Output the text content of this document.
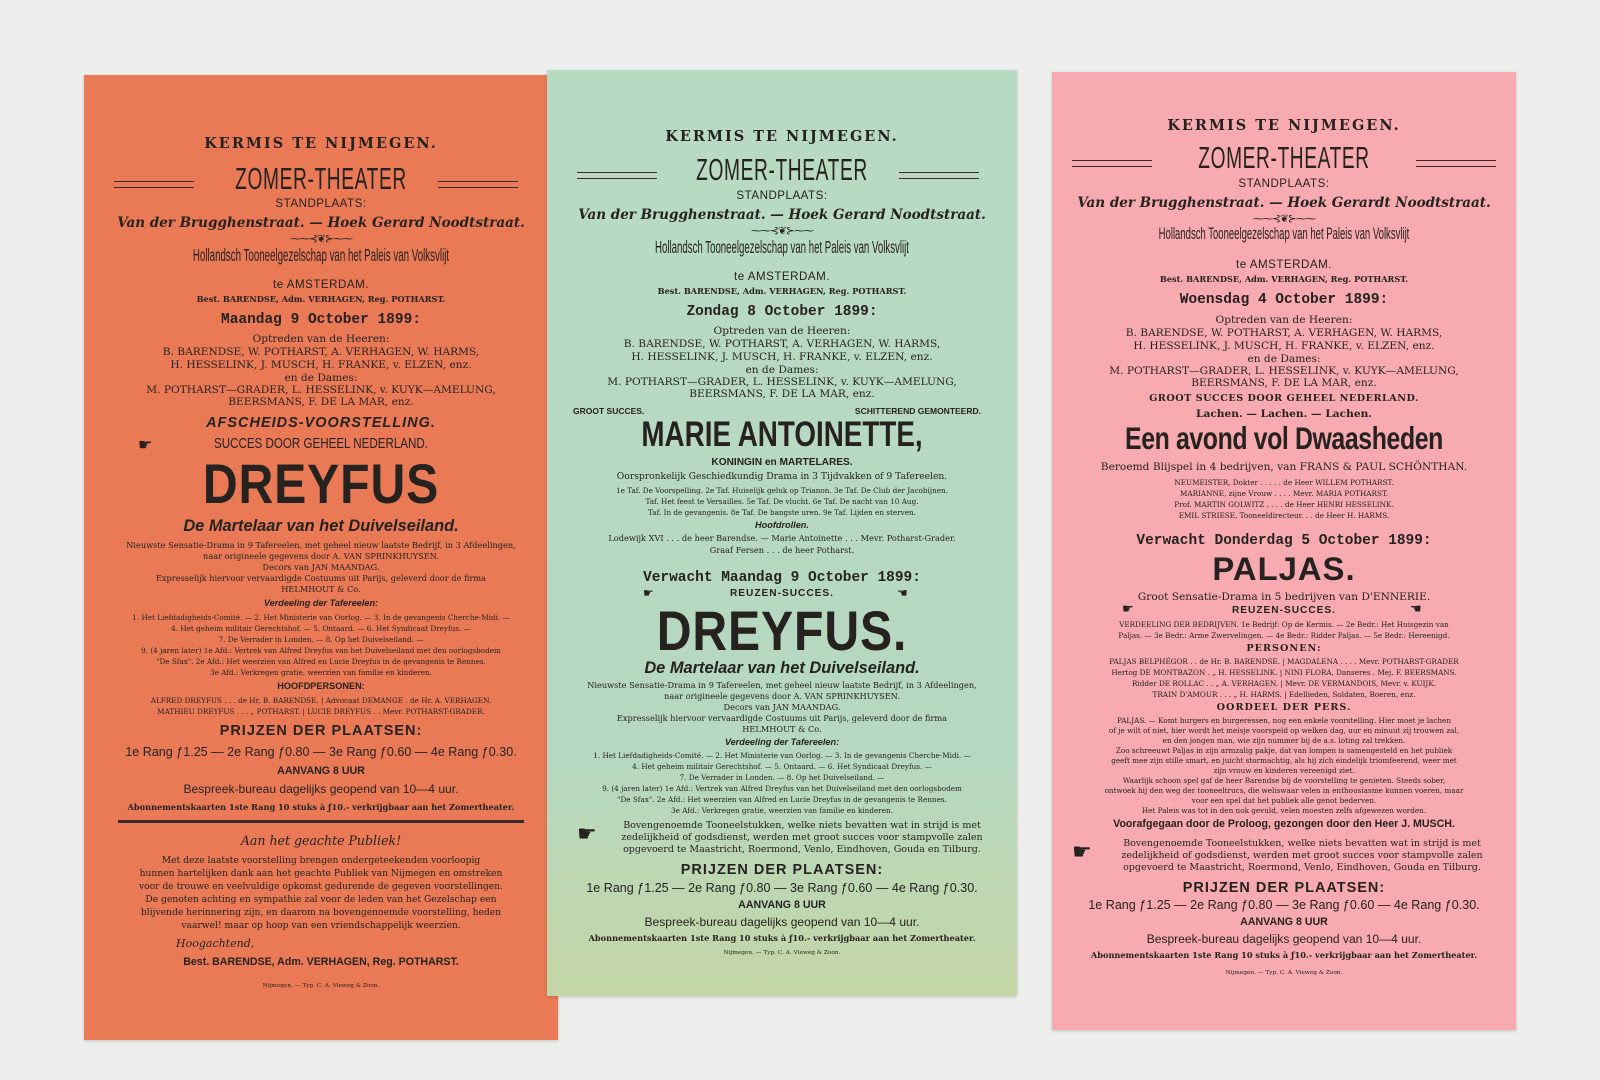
KERMIS TE NIJMEGEN.
ZOMER-THEATER
STANDPLAATS:
Van der Brugghenstraat. — Hoek Gerard Noodtstraat.
⁓⁓⊰❦⊱⁓⁓
Hollandsch Tooneelgezelschap van het Paleis van Volksvlijt
te AMSTERDAM.
Best. BARENDSE, Adm. VERHAGEN, Reg. POTHARST.
Maandag 9 October 1899:
Optreden van de Heeren:
B. BARENDSE, W. POTHARST, A. VERHAGEN, W. HARMS,
H. HESSELINK, J. MUSCH, H. FRANKE, v. ELZEN, enz.
en de Dames:
M. POTHARST—GRADER, L. HESSELINK, v. KUYK—AMELUNG,
BEERSMANS, F. DE LA MAR, enz.
AFSCHEIDS-VOORSTELLING.
☛	SUCCES DOOR GEHEEL NEDERLAND.
DREYFUS
De Martelaar van het Duivelseiland.
Nieuwste Sensatie-Drama in 9 Tafereelen, met geheel nieuw laatste Bedrijf, in 3 Afdeelingen,
naar origineele gegevens door A. VAN SPRINKHUYSEN.
Decors van JAN MAANDAG.
Expresselijk hiervoor vervaardigde Costuums uit Parijs, geleverd door de firma
HELMHOUT & Co.
Verdeeling der Tafereelen:
1. Het Liefdadigheids-Comité. — 2. Het Ministerie van Oorlog. — 3. In de gevangenis Cherche-Midi. —
4. Het geheim militair Gerechtshof. — 5. Ontaard. — 6. Het Syndicaat Dreyfus. —
7. De Verrader in Londen. — 8. Op het Duivelseiland. —
9. (4 jaren later) 1e Afd.: Vertrek van Alfred Dreyfus van het Duivelseiland met den oorlogsbodem
"De Sfax". 2e Afd.: Het weerzien van Alfred en Lucie Dreyfus in de gevangenis te Rennes.
3e Afd.: Verkregen gratie, weerzien van familie en kinderen.
HOOFDPERSONEN:
ALFRED DREYFUS . . . de Hr. B. BARENDSE. | Advocaat DEMANGE . de Hr. A. VERHAGEN.
MATHIEU DREYFUS . . . „ POTHARST. | LUCIE DREYFUS . . Mevr. POTHARST-GRADER.
PRIJZEN DER PLAATSEN:
1e Rang ƒ1.25 — 2e Rang ƒ0.80 — 3e Rang ƒ0.60 — 4e Rang ƒ0.30.
AANVANG 8 UUR
Bespreek-bureau dagelijks geopend van 10—4 uur.
Abonnementskaarten 1ste Rang 10 stuks à ƒ10.- verkrijgbaar aan het Zomertheater.
Aan het geachte Publiek!
Met deze laatste voorstelling brengen ondergeteekenden voorloopig
hunnen hartelijken dank aan het geachte Publiek van Nijmegen en omstreken
voor de trouwe en veelvuldige opkomst gedurende de gegeven voorstellingen.
De genoten achting en sympathie zal voor de leden van het Gezelschap een
blijvende herinnering zijn, en daarom na bovengenoemde voorstelling, heden
vaarwel! maar op hoop van een vriendschappelijk weerzien.
Hoogachtend,
Best. BARENDSE, Adm. VERHAGEN, Reg. POTHARST.
Nijmegen. — Typ. C. A. Vieweg & Zoon.
KERMIS TE NIJMEGEN.
ZOMER-THEATER
STANDPLAATS:
Van der Brugghenstraat. — Hoek Gerard Noodtstraat.
⁓⁓⊰❦⊱⁓⁓
Hollandsch Tooneelgezelschap van het Paleis van Volksvlijt
te AMSTERDAM.
Best. BARENDSE, Adm. VERHAGEN, Reg. POTHARST.
Zondag 8 October 1899:
Optreden van de Heeren:
B. BARENDSE, W. POTHARST, A. VERHAGEN, W. HARMS,
H. HESSELINK, J. MUSCH, H. FRANKE, v. ELZEN, enz.
en de Dames:
M. POTHARST—GRADER, L. HESSELINK, v. KUYK—AMELUNG,
BEERSMANS, F. DE LA MAR, enz.
GROOT SUCCES.	SCHITTEREND GEMONTEERD.
MARIE ANTOINETTE,
KONINGIN en MARTELARES.
Oorspronkelijk Geschiedkundig Drama in 3 Tijdvakken of 9 Tafereelen.
1e Taf. De Voorspelling. 2e Taf. Huiselijk geluk op Trianon. 3e Taf. De Club der Jacobijnen.
Taf. Het feest te Versailles. 5e Taf. De vlucht. 6e Taf. De nacht van 10 Aug.
Taf. In de gevangenis. 8e Taf. De bangste uren. 9e Taf. Lijden en sterven.
Hoofdrollen.
Lodewijk XVI . . . de heer Barendse. — Marie Antoinette . . . Mevr. Potharst-Grader.
Graaf Fersen . . . de heer Potharst.
Verwacht Maandag 9 October 1899:
☛	REUZEN-SUCCES.	☚
DREYFUS.
De Martelaar van het Duivelseiland.
Nieuwste Sensatie-Drama in 9 Tafereelen, met geheel nieuw laatste Bedrijf, in 3 Afdeelingen,
naar origineele gegevens door A. VAN SPRINKHUYSEN.
Decors van JAN MAANDAG.
Expresselijk hiervoor vervaardigde Costuums uit Parijs, geleverd door de firma
HELMHOUT & Co.
Verdeeling der Tafereelen:
1. Het Liefdadigheids-Comité. — 2. Het Ministerie van Oorlog. — 3. In de gevangenis Cherche-Midi. —
4. Het geheim militair Gerechtshof. — 5. Ontaard. — 6. Het Syndicaat Dreyfus. —
7. De Verrader in Londen. — 8. Op het Duivelseiland. —
9. (4 jaren later) 1e Afd.: Vertrek van Alfred Dreyfus van het Duivelseiland met den oorlogsbodem
"De Sfax". 2e Afd.: Het weerzien van Alfred en Lucie Dreyfus in de gevangenis te Rennes.
3e Afd.: Verkregen gratie, weerzien van familie en kinderen.
☛	Bovengenoemde Tooneelstukken, welke niets bevatten wat in strijd is met
zedelijkheid of godsdienst, werden met groot succes voor stampvolle zalen
opgevoerd te Maastricht, Roermond, Venlo, Eindhoven, Gouda en Tilburg.
PRIJZEN DER PLAATSEN:
1e Rang ƒ1.25 — 2e Rang ƒ0.80 — 3e Rang ƒ0.60 — 4e Rang ƒ0.30.
AANVANG 8 UUR
Bespreek-bureau dagelijks geopend van 10—4 uur.
Abonnementskaarten 1ste Rang 10 stuks à ƒ10.- verkrijgbaar aan het Zomertheater.
Nijmegen. — Typ. C. A. Vieweg & Zoon.
KERMIS TE NIJMEGEN.
ZOMER-THEATER
STANDPLAATS:
Van der Brugghenstraat. — Hoek Gerardt Noodtstraat.
⁓⁓⊰❦⊱⁓⁓
Hollandsch Tooneelgezelschap van het Paleis van Volksvlijt
te AMSTERDAM.
Best. BARENDSE, Adm. VERHAGEN, Reg. POTHARST.
Woensdag 4 October 1899:
Optreden van de Heeren:
B. BARENDSE, W. POTHARST, A. VERHAGEN, W. HARMS,
H. HESSELINK, J. MUSCH, H. FRANKE, v. ELZEN, enz.
en de Dames:
M. POTHARST—GRADER, L. HESSELINK, v. KUYK—AMELUNG,
BEERSMANS, F. DE LA MAR, enz.
GROOT SUCCES DOOR GEHEEL NEDERLAND.
Lachen. — Lachen. — Lachen.
Een avond vol Dwaasheden
Beroemd Blijspel in 4 bedrijven, van FRANS & PAUL SCHÖNTHAN.
NEUMEISTER, Dokter . . . . . de Heer WILLEM POTHARST.
MARIANNE, zijne Vrouw . . . . Mevr. MARIA POTHARST.
Prof. MARTIN GOLWITZ . . . . de Heer HENRI HESSELINK.
EMIL STRIESE, Tooneeldirecteur. . . de Heer H. HARMS.
Verwacht Donderdag 5 October 1899:
PALJAS.
Groot Sensatie-Drama in 5 bedrijven van D'ENNERIE.
☛	REUZEN-SUCCES.	☚
VERDEELING DER BEDRIJVEN. 1e Bedrijf: Op de Kermis. — 2e Bedr.: Het Huisgezin van
Paljas. — 3e Bedr.: Arme Zwervelingen. — 4e Bedr.: Ridder Paljas. — 5e Bedr.: Hereenigd.
PERSONEN:
PALJAS BELPHÉGOR . . de Hr. B. BARENDSE. | MAGDALENA . . . . Mevr. POTHARST-GRADER
Hertog DE MONTBAZON . „ H. HESSELINK. | NINI FLORA, Danseres . Mej. F. BEERSMANS.
Ridder DE ROLLAC . . „ A. VERHAGEN. | Mevr. DE VERMANDOIS, Mevr. v. KUIJK.
TRAIN D'AMOUR . . . „ H. HARMS. | Edellieden, Soldaten, Boeren, enz.
OORDEEL DER PERS.
PALJAS. — Komt burgers en burgeressen, nog een enkele voorstelling. Hier moet je lachen
of je wilt of niet, hier wordt het meisje voorspeld op welken dag, uur en minuut zij trouwen zal,
en den jongen man, wie zijn nummer bij de a.s. loting zal trekken.
Zoo schreeuwt Paljas in zijn armzalig pakje, dat van lompen is samengesteld en het publiek
geeft mee zijn stille smart, en juicht stormachtig, als hij zich eindelijk triomfeerend, weer met
zijn vrouw en kinderen vereenigd ziet.
Waarlijk schoon spel gaf de heer Barendse bij de voorstelling te genieten. Steeds sober,
ontwoek hij den weg der tooneeltrucs, die weliswaar velen in enthousiasme kunnen voeren, maar
voor een spel dat het publiek alle genot bederven.
Het Paleis was tot in den nok gevuld, velen moesten zelfs afgewezen worden.
Voorafgegaan door de Proloog, gezongen door den Heer J. MUSCH.
☛	Bovengenoemde Tooneelstukken, welke niets bevatten wat in strijd is met
zedelijkheid of godsdienst, werden met groot succes voor stampvolle zalen
opgevoerd te Maastricht, Roermond, Venlo, Eindhoven, Gouda en Tilburg.
PRIJZEN DER PLAATSEN:
1e Rang ƒ1.25 — 2e Rang ƒ0.80 — 3e Rang ƒ0.60 — 4e Rang ƒ0.30.
AANVANG 8 UUR
Bespreek-bureau dagelijks geopend van 10—4 uur.
Abonnementskaarten 1ste Rang 10 stuks à ƒ10.- verkrijgbaar aan het Zomertheater.
Nijmegen. — Typ. C. A. Vieweg & Zoon.
